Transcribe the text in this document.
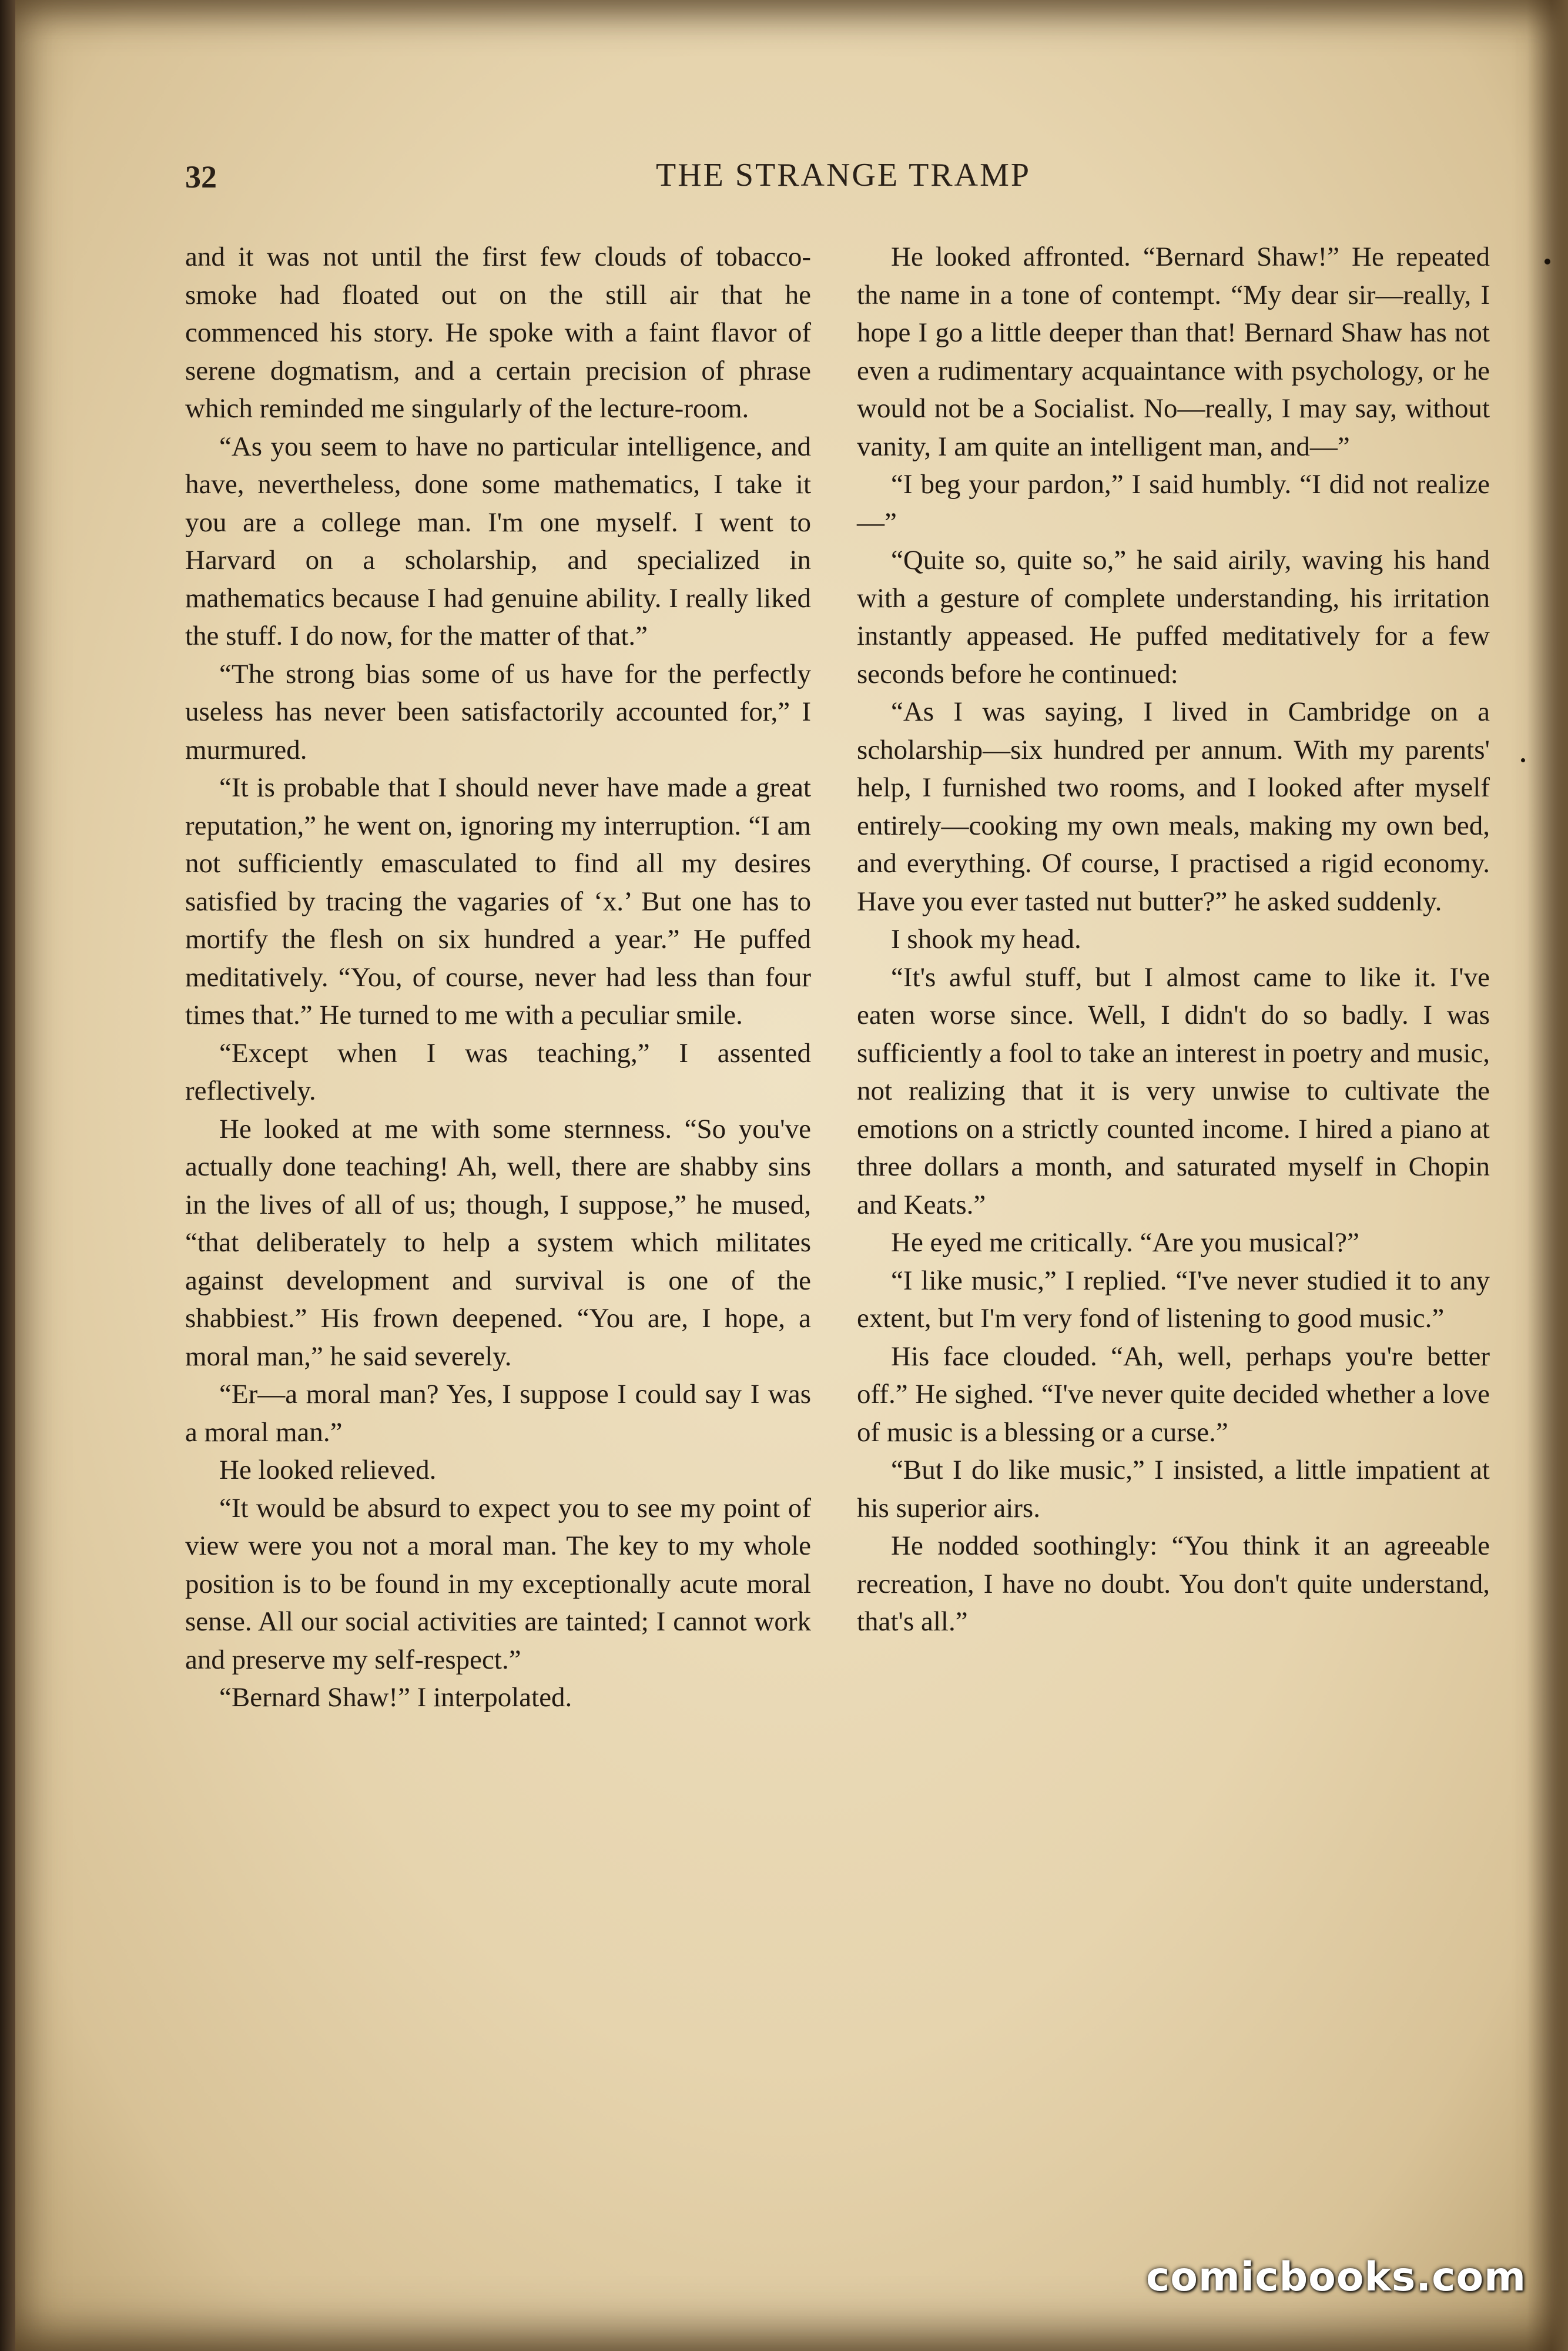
32	THE STRANGE TRAMP

and it was not until the first few clouds of tobacco-smoke had floated out on the still air that he commenced his story. He spoke with a faint flavor of serene dogmatism, and a certain precision of phrase which reminded me singularly of the lecture-room.

“As you seem to have no particular intelligence, and have, nevertheless, done some mathematics, I take it you are a college man. I'm one myself. I went to Harvard on a scholarship, and specialized in mathematics because I had genuine ability. I really liked the stuff. I do now, for the matter of that.”

“The strong bias some of us have for the perfectly useless has never been satisfactorily accounted for,” I murmured.

“It is probable that I should never have made a great reputation,” he went on, ignoring my interruption. “I am not sufficiently emasculated to find all my desires satisfied by tracing the vagaries of ‘x.’ But one has to mortify the flesh on six hundred a year.” He puffed meditatively. “You, of course, never had less than four times that.” He turned to me with a peculiar smile.

“Except when I was teaching,” I assented reflectively.

He looked at me with some sternness. “So you've actually done teaching! Ah, well, there are shabby sins in the lives of all of us; though, I suppose,” he mused, “that deliberately to help a system which militates against development and survival is one of the shabbiest.” His frown deepened. “You are, I hope, a moral man,” he said severely.

“Er—a moral man? Yes, I suppose I could say I was a moral man.”

He looked relieved.

“It would be absurd to expect you to see my point of view were you not a moral man. The key to my whole position is to be found in my exceptionally acute moral sense. All our social activities are tainted; I cannot work and preserve my self-respect.”

“Bernard Shaw!” I interpolated.

He looked affronted. “Bernard Shaw!” He repeated the name in a tone of contempt. “My dear sir—really, I hope I go a little deeper than that! Bernard Shaw has not even a rudimentary acquaintance with psychology, or he would not be a Socialist. No—really, I may say, without vanity, I am quite an intelligent man, and—”

“I beg your pardon,” I said humbly. “I did not realize—”

“Quite so, quite so,” he said airily, waving his hand with a gesture of complete understanding, his irritation instantly appeased. He puffed meditatively for a few seconds before he continued:

“As I was saying, I lived in Cambridge on a scholarship—six hundred per annum. With my parents' help, I furnished two rooms, and I looked after myself entirely—cooking my own meals, making my own bed, and everything. Of course, I practised a rigid economy. Have you ever tasted nut butter?” he asked suddenly.

I shook my head.

“It's awful stuff, but I almost came to like it. I've eaten worse since. Well, I didn't do so badly. I was sufficiently a fool to take an interest in poetry and music, not realizing that it is very unwise to cultivate the emotions on a strictly counted income. I hired a piano at three dollars a month, and saturated myself in Chopin and Keats.”

He eyed me critically. “Are you musical?”

“I like music,” I replied. “I've never studied it to any extent, but I'm very fond of listening to good music.”

His face clouded. “Ah, well, perhaps you're better off.” He sighed. “I've never quite decided whether a love of music is a blessing or a curse.”

“But I do like music,” I insisted, a little impatient at his superior airs.

He nodded soothingly: “You think it an agreeable recreation, I have no doubt. You don't quite understand, that's all.”

comicbooks.com
